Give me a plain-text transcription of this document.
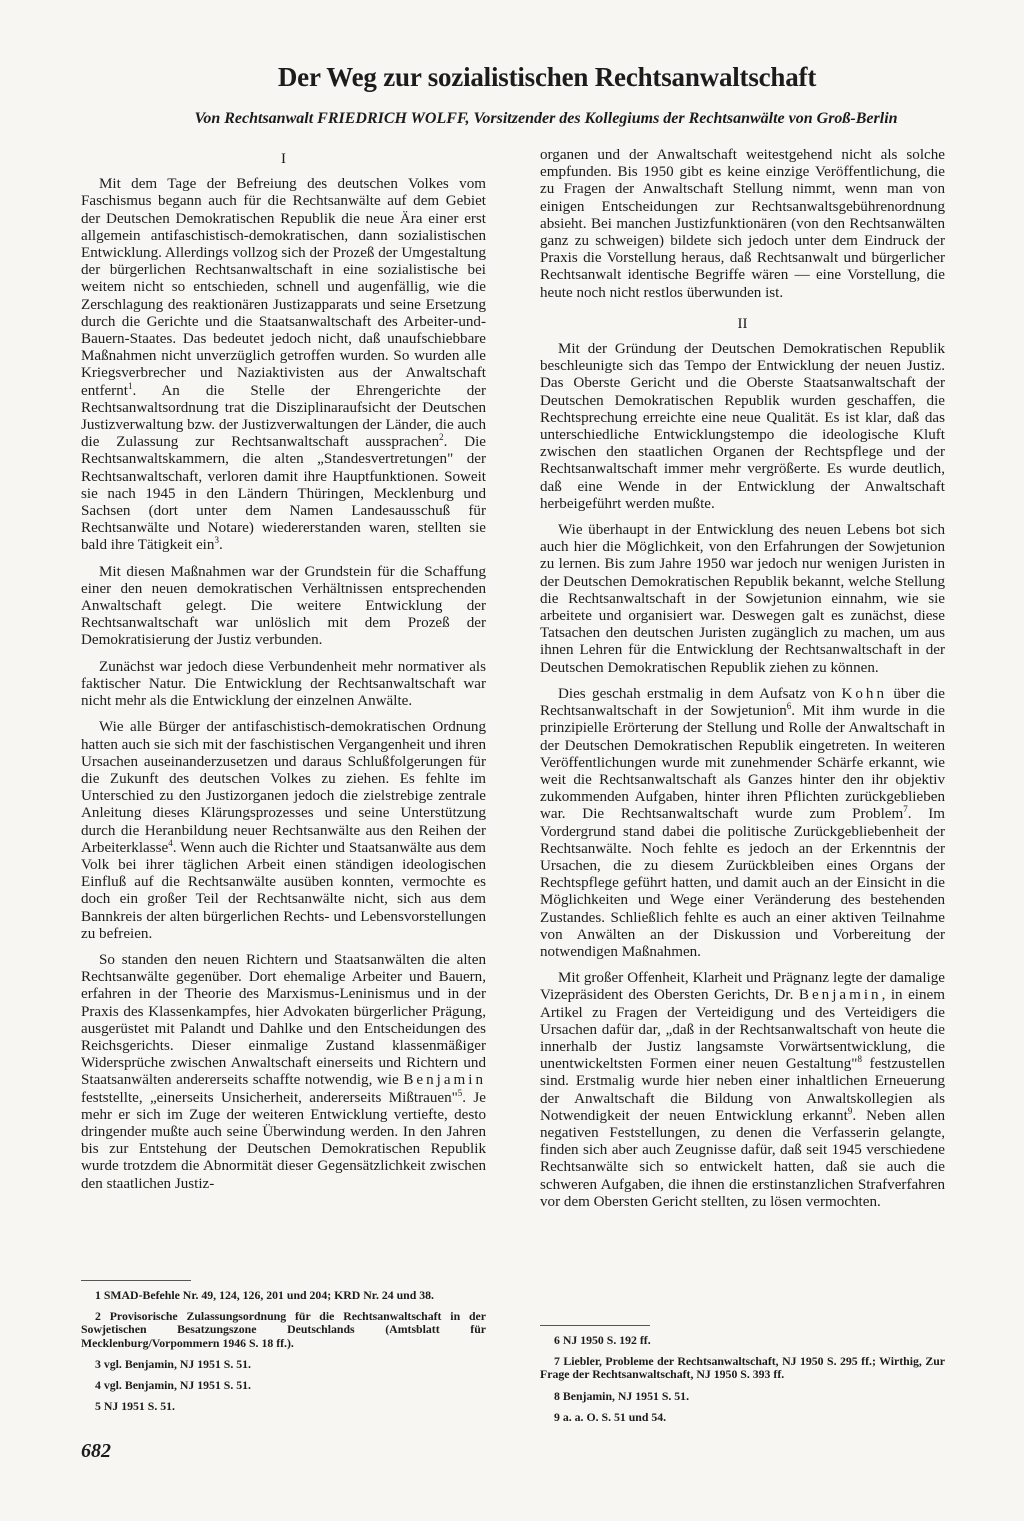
Der Weg zur sozialistischen Rechtsanwaltschaft
Von Rechtsanwalt FRIEDRICH WOLFF, Vorsitzender des Kollegiums der Rechtsanwälte von Groß-Berlin
I

Mit dem Tage der Befreiung des deutschen Volkes vom Faschismus begann auch für die Rechtsanwälte auf dem Gebiet der Deutschen Demokratischen Republik die neue Ära einer erst allgemein antifaschistisch-demokratischen, dann sozialistischen Entwicklung. Allerdings vollzog sich der Prozeß der Umgestaltung der bürgerlichen Rechtsanwaltschaft in eine sozialistische bei weitem nicht so entschieden, schnell und augenfällig, wie die Zerschlagung des reaktionären Justizapparats und seine Ersetzung durch die Gerichte und die Staatsanwaltschaft des Arbeiter-und-Bauern-Staates. Das bedeutet jedoch nicht, daß unaufschiebbare Maßnahmen nicht unverzüglich getroffen wurden. So wurden alle Kriegsverbrecher und Naziaktivisten aus der Anwaltschaft entfernt$^1$. An die Stelle der Ehrengerichte der Rechtsanwaltsordnung trat die Disziplinaraufsicht der Deutschen Justizverwaltung bzw. der Justizverwaltungen der Länder, die auch die Zulassung zur Rechtsanwaltschaft aussprachen$^2$. Die Rechtsanwaltskammern, die alten „Standesvertretungen" der Rechtsanwaltschaft, verloren damit ihre Hauptfunktionen. Soweit sie nach 1945 in den Ländern Thüringen, Mecklenburg und Sachsen (dort unter dem Namen Landesausschuß für Rechtsanwälte und Notare) wiedererstanden waren, stellten sie bald ihre Tätigkeit ein$^3$.

Mit diesen Maßnahmen war der Grundstein für die Schaffung einer den neuen demokratischen Verhältnissen entsprechenden Anwaltschaft gelegt. Die weitere Entwicklung der Rechtsanwaltschaft war unlöslich mit dem Prozeß der Demokratisierung der Justiz verbunden.

Zunächst war jedoch diese Verbundenheit mehr normativer als faktischer Natur. Die Entwicklung der Rechtsanwaltschaft war nicht mehr als die Entwicklung der einzelnen Anwälte.

Wie alle Bürger der antifaschistisch-demokratischen Ordnung hatten auch sie sich mit der faschistischen Vergangenheit und ihren Ursachen auseinanderzusetzen und daraus Schlußfolgerungen für die Zukunft des deutschen Volkes zu ziehen. Es fehlte im Unterschied zu den Justizorganen jedoch die zielstrebige zentrale Anleitung dieses Klärungsprozesses und seine Unterstützung durch die Heranbildung neuer Rechtsanwälte aus den Reihen der Arbeiterklasse$^4$. Wenn auch die Richter und Staatsanwälte aus dem Volk bei ihrer täglichen Arbeit einen ständigen ideologischen Einfluß auf die Rechtsanwälte ausüben konnten, vermochte es doch ein großer Teil der Rechtsanwälte nicht, sich aus dem Bannkreis der alten bürgerlichen Rechts- und Lebensvorstellungen zu befreien.

So standen den neuen Richtern und Staatsanwälten die alten Rechtsanwälte gegenüber. Dort ehemalige Arbeiter und Bauern, erfahren in der Theorie des Marxismus-Leninismus und in der Praxis des Klassenkampfes, hier Advokaten bürgerlicher Prägung, ausgerüstet mit Palandt und Dahlke und den Entscheidungen des Reichsgerichts. Dieser einmalige Zustand klassenmäßiger Widersprüche zwischen Anwaltschaft einerseits und Richtern und Staatsanwälten andererseits schaffte notwendig, wie Benjamin feststellte, „einerseits Unsicherheit, andererseits Mißtrauen"$^5$. Je mehr er sich im Zuge der weiteren Entwicklung vertiefte, desto dringender mußte auch seine Überwindung werden. In den Jahren bis zur Entstehung der Deutschen Demokratischen Republik wurde trotzdem die Abnormität dieser Gegensätzlichkeit zwischen den staatlichen Justiz-

organen und der Anwaltschaft weitestgehend nicht als solche empfunden. Bis 1950 gibt es keine einzige Veröffentlichung, die zu Fragen der Anwaltschaft Stellung nimmt, wenn man von einigen Entscheidungen zur Rechtsanwaltsgebührenordnung absieht. Bei manchen Justizfunktionären (von den Rechtsanwälten ganz zu schweigen) bildete sich jedoch unter dem Eindruck der Praxis die Vorstellung heraus, daß Rechtsanwalt und bürgerlicher Rechtsanwalt identische Begriffe wären — eine Vorstellung, die heute noch nicht restlos überwunden ist.

II

Mit der Gründung der Deutschen Demokratischen Republik beschleunigte sich das Tempo der Entwicklung der neuen Justiz. Das Oberste Gericht und die Oberste Staatsanwaltschaft der Deutschen Demokratischen Republik wurden geschaffen, die Rechtsprechung erreichte eine neue Qualität. Es ist klar, daß das unterschiedliche Entwicklungstempo die ideologische Kluft zwischen den staatlichen Organen der Rechtspflege und der Rechtsanwaltschaft immer mehr vergrößerte. Es wurde deutlich, daß eine Wende in der Entwicklung der Anwaltschaft herbeigeführt werden mußte.

Wie überhaupt in der Entwicklung des neuen Lebens bot sich auch hier die Möglichkeit, von den Erfahrungen der Sowjetunion zu lernen. Bis zum Jahre 1950 war jedoch nur wenigen Juristen in der Deutschen Demokratischen Republik bekannt, welche Stellung die Rechtsanwaltschaft in der Sowjetunion einnahm, wie sie arbeitete und organisiert war. Deswegen galt es zunächst, diese Tatsachen den deutschen Juristen zugänglich zu machen, um aus ihnen Lehren für die Entwicklung der Rechtsanwaltschaft in der Deutschen Demokratischen Republik ziehen zu können.

Dies geschah erstmalig in dem Aufsatz von Kohn über die Rechtsanwaltschaft in der Sowjetunion$^6$. Mit ihm wurde in die prinzipielle Erörterung der Stellung und Rolle der Anwaltschaft in der Deutschen Demokratischen Republik eingetreten. In weiteren Veröffentlichungen wurde mit zunehmender Schärfe erkannt, wie weit die Rechtsanwaltschaft als Ganzes hinter den ihr objektiv zukommenden Aufgaben, hinter ihren Pflichten zurückgeblieben war. Die Rechtsanwaltschaft wurde zum Problem$^7$. Im Vordergrund stand dabei die politische Zurückgebliebenheit der Rechtsanwälte. Noch fehlte es jedoch an der Erkenntnis der Ursachen, die zu diesem Zurückbleiben eines Organs der Rechtspflege geführt hatten, und damit auch an der Einsicht in die Möglichkeiten und Wege einer Veränderung des bestehenden Zustandes. Schließlich fehlte es auch an einer aktiven Teilnahme von Anwälten an der Diskussion und Vorbereitung der notwendigen Maßnahmen.

Mit großer Offenheit, Klarheit und Prägnanz legte der damalige Vizepräsident des Obersten Gerichts, Dr. Benjamin, in einem Artikel zu Fragen der Verteidigung und des Verteidigers die Ursachen dafür dar, „daß in der Rechtsanwaltschaft von heute die innerhalb der Justiz langsamste Vorwärtsentwicklung, die unentwickeltsten Formen einer neuen Gestaltung"$^8$ festzustellen sind. Erstmalig wurde hier neben einer inhaltlichen Erneuerung der Anwaltschaft die Bildung von Anwaltskollegien als Notwendigkeit der neuen Entwicklung erkannt$^9$. Neben allen negativen Feststellungen, zu denen die Verfasserin gelangte, finden sich aber auch Zeugnisse dafür, daß seit 1945 verschiedene Rechtsanwälte sich so entwickelt hatten, daß sie auch die schweren Aufgaben, die ihnen die erstinstanzlichen Strafverfahren vor dem Obersten Gericht stellten, zu lösen vermochten.

1 SMAD-Befehle Nr. 49, 124, 126, 201 und 204; KRD Nr. 24 und 38.

2 Provisorische Zulassungsordnung für die Rechtsanwaltschaft in der Sowjetischen Besatzungszone Deutschlands (Amtsblatt für Mecklenburg/Vorpommern 1946 S. 18 ff.).

3 vgl. Benjamin, NJ 1951 S. 51.

4 vgl. Benjamin, NJ 1951 S. 51.

5 NJ 1951 S. 51.

6 NJ 1950 S. 192 ff.

7 Liebler, Probleme der Rechtsanwaltschaft, NJ 1950 S. 295 ff.; Wirthig, Zur Frage der Rechtsanwaltschaft, NJ 1950 S. 393 ff.

8 Benjamin, NJ 1951 S. 51.

9 a. a. O. S. 51 und 54.

682
